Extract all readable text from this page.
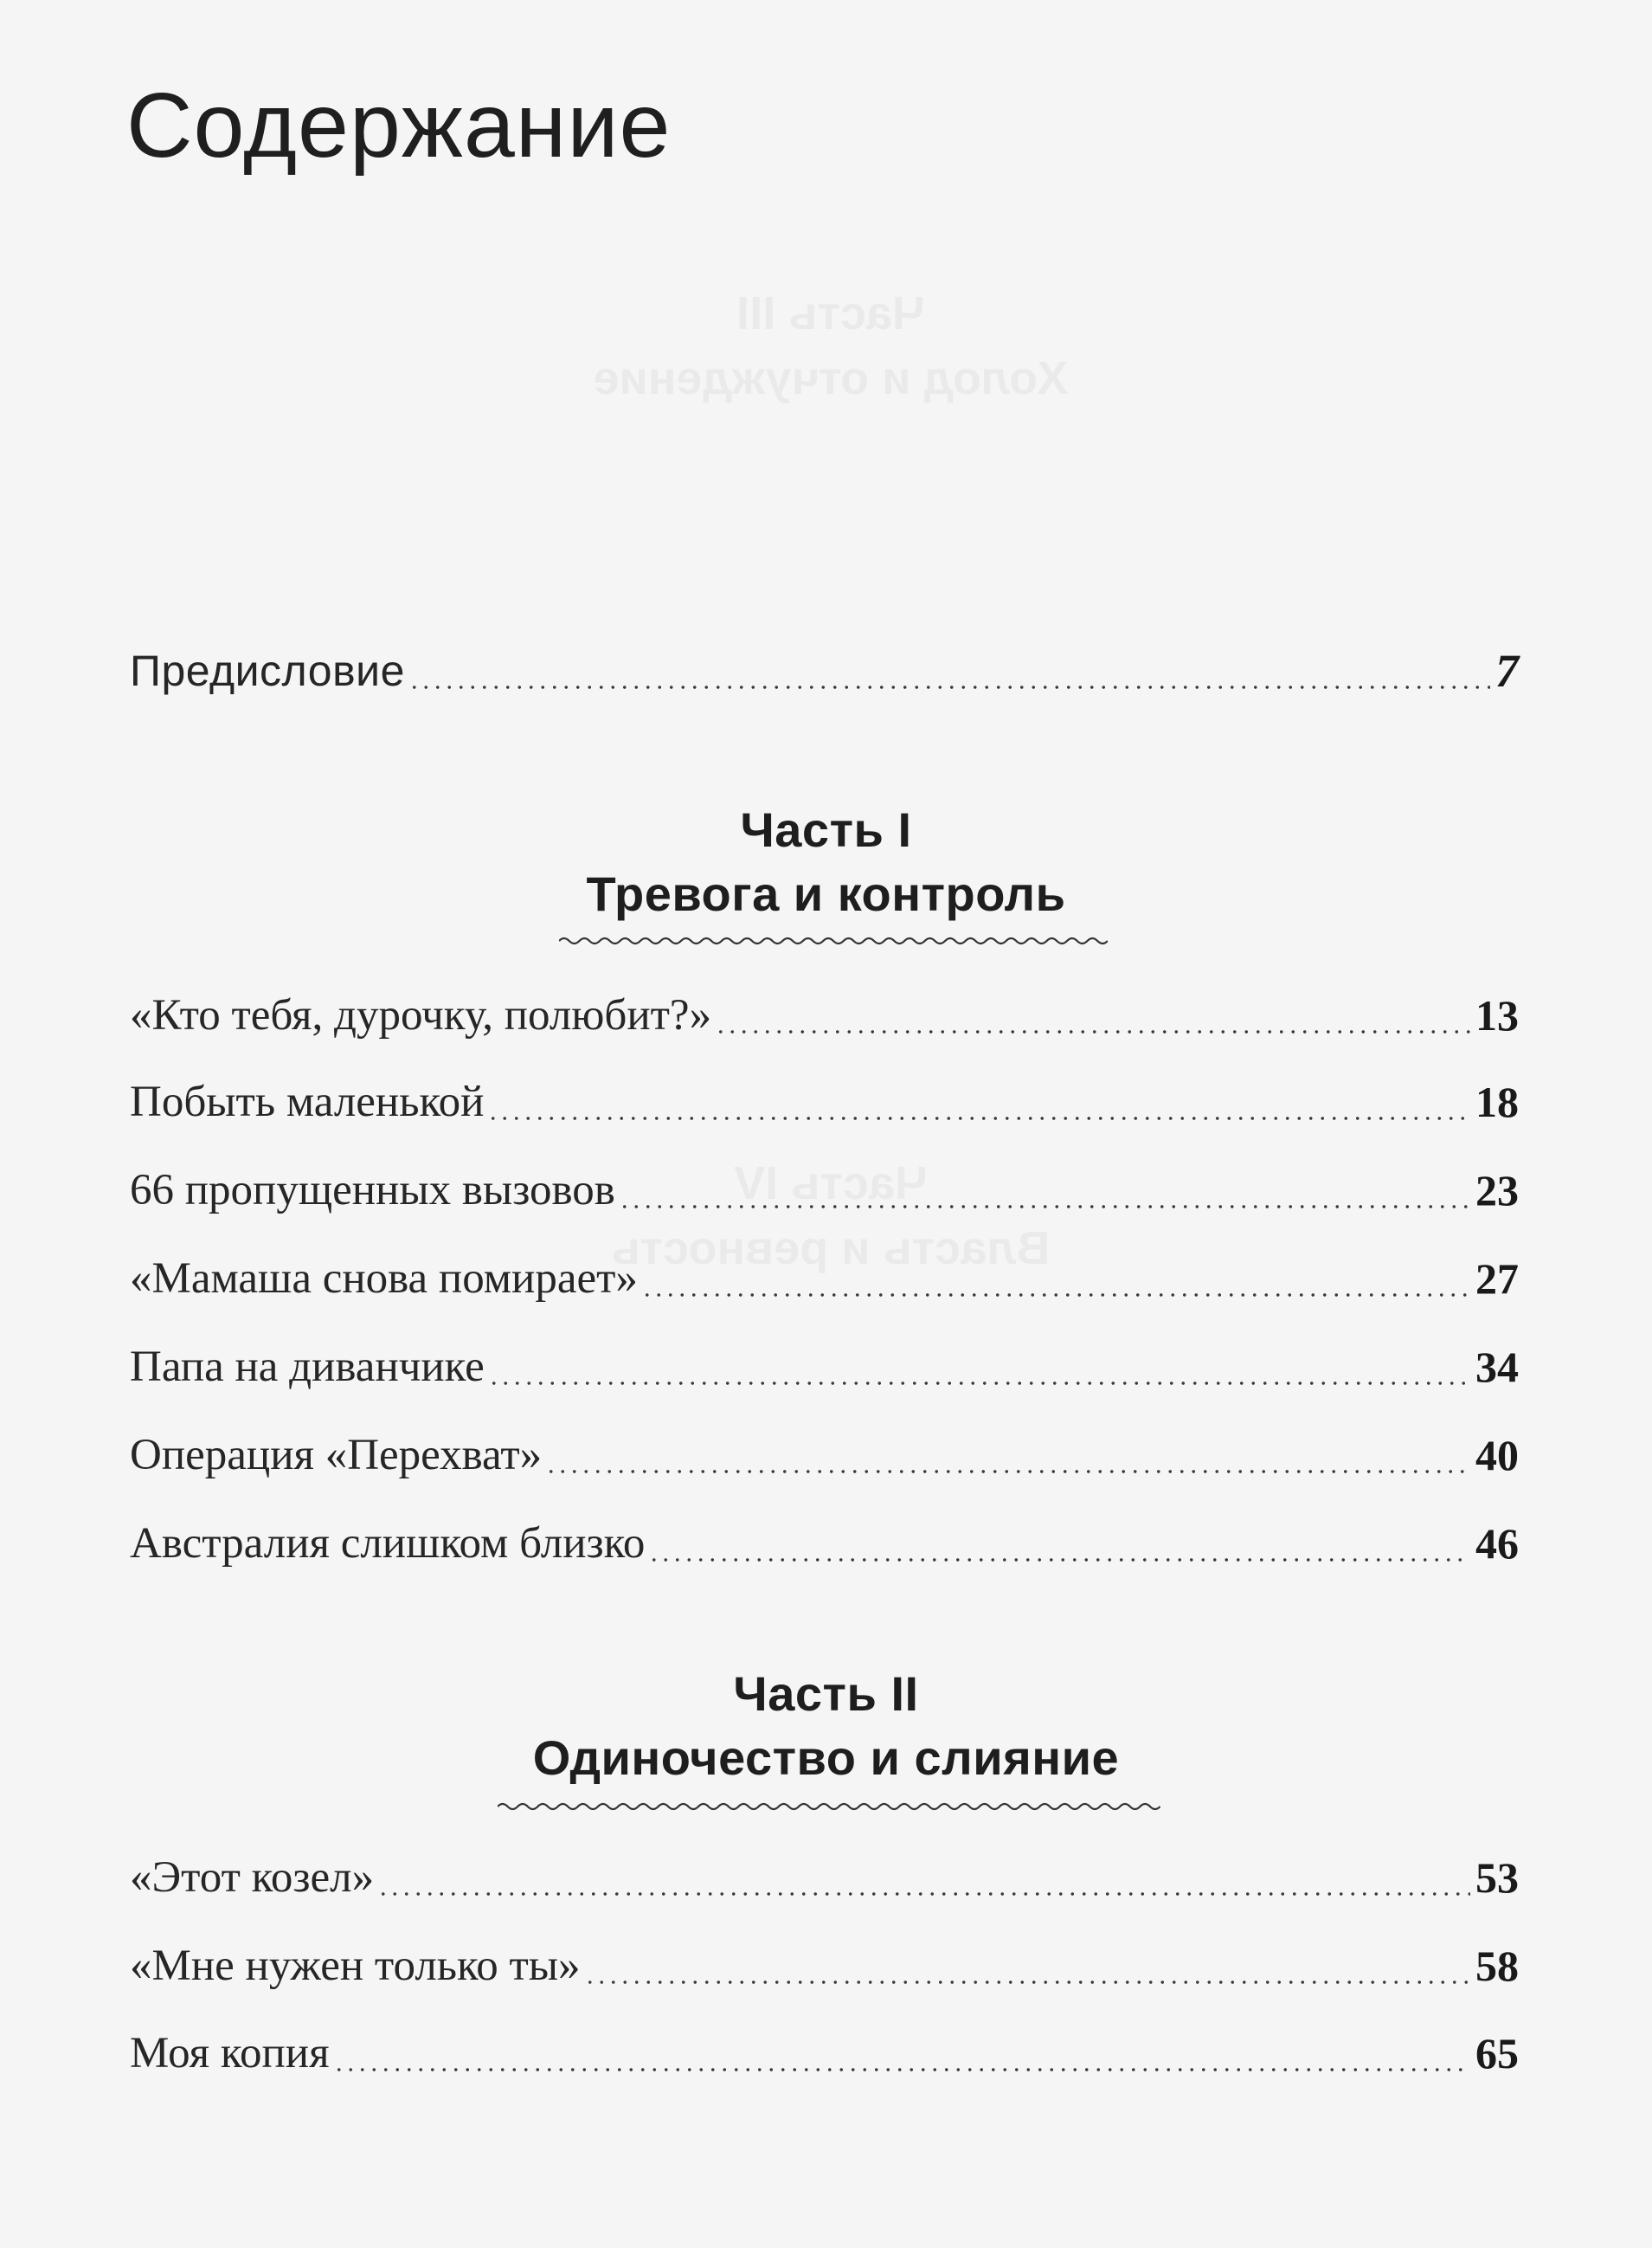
Содержание
Предисловие	7
Часть I
Тревога и контроль
«Кто тебя, дурочку, полюбит?»	13
Побыть маленькой	18
66 пропущенных вызовов	23
«Мамаша снова помирает»	27
Папа на диванчике	34
Операция «Перехват»	40
Австралия слишком близко	46
Часть II
Одиночество и слияние
«Этот козел»	53
«Мне нужен только ты»	58
Моя копия	65
